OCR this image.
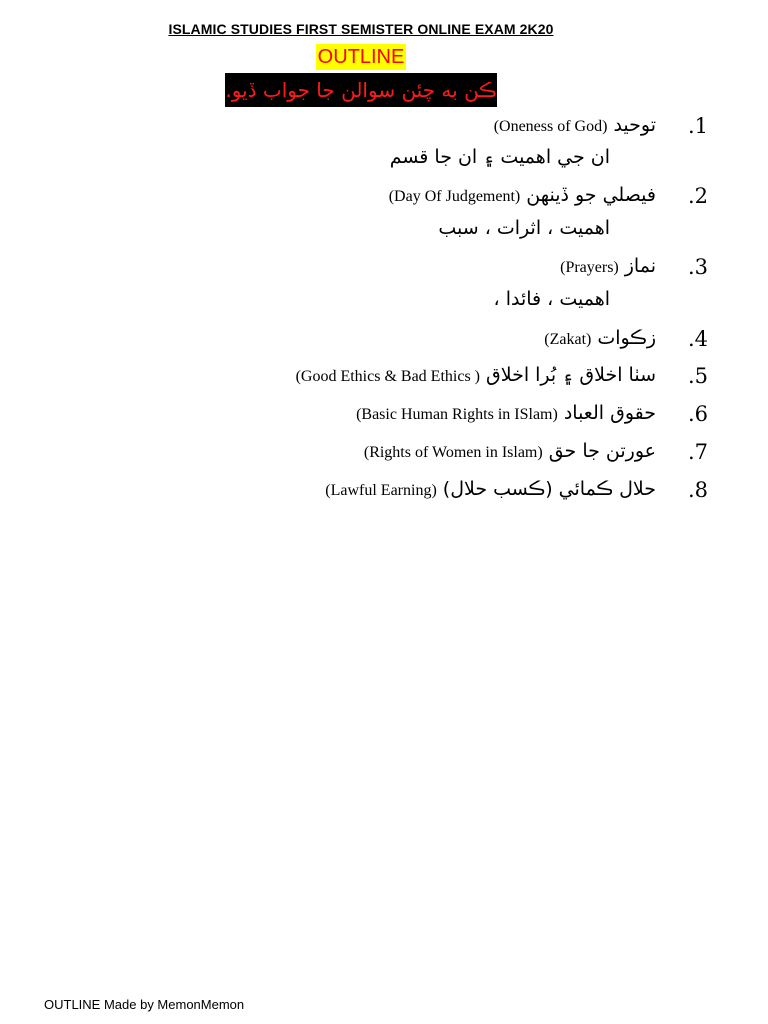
ISLAMIC STUDIES FIRST SEMISTER ONLINE EXAM 2K20
OUTLINE
ڪن به چئن سوالن جا جواب ڏيو.
.1
توحيد
(Oneness of God)
ان جي اهميت ۽ ان جا قسم
.2
فيصلي جو ڏينهن
(Day Of Judgement)
اهميت ، اثرات ، سبب
.3
نماز
(Prayers)
اهميت ، فائدا ،
.4
زڪوات
(Zakat)
.5
سٺا اخلاق ۽ بُرا اخلاق
(Good Ethics & Bad Ethics )
.6
حقوق العباد
(Basic Human Rights in ISlam)
.7
عورتن جا حق
(Rights of Women in Islam)
.8
حلال ڪمائي (ڪسب حلال)
(Lawful Earning)
OUTLINE Made by MemonMemon
